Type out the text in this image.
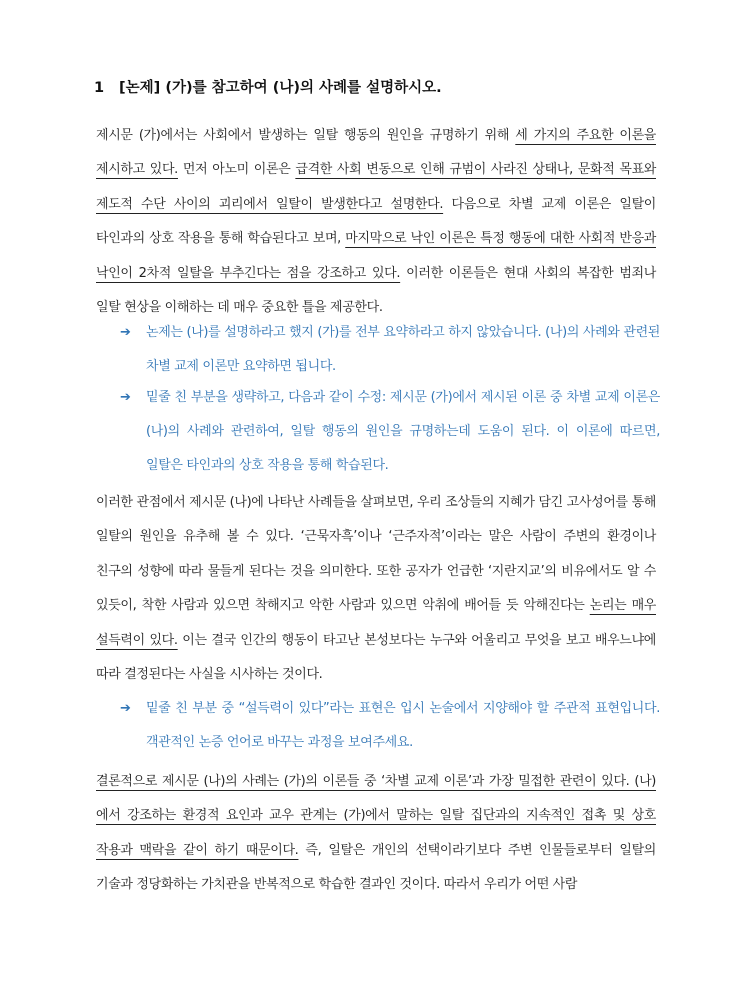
1 [논제] (가)를 참고하여 (나)의 사례를 설명하시오.
제시문 (가)에서는 사회에서 발생하는 일탈 행동의 원인을 규명하기 위해 세 가지의 주요한 이론을 제시하고 있다. 먼저 아노미 이론은 급격한 사회 변동으로 인해 규범이 사라진 상태나, 문화적 목표와 제도적 수단 사이의 괴리에서 일탈이 발생한다고 설명한다. 다음으로 차별 교제 이론은 일탈이 타인과의 상호 작용을 통해 학습된다고 보며, 마지막으로 낙인 이론은 특정 행동에 대한 사회적 반응과 낙인이 2차적 일탈을 부추긴다는 점을 강조하고 있다. 이러한 이론들은 현대 사회의 복잡한 범죄나 일탈 현상을 이해하는 데 매우 중요한 틀을 제공한다.
➔	논제는 (나)를 설명하라고 했지 (가)를 전부 요약하라고 하지 않았습니다. (나)의 사례와 관련된 차별 교제 이론만 요약하면 됩니다.
➔	밑줄 친 부분을 생략하고, 다음과 같이 수정: 제시문 (가)에서 제시된 이론 중 차별 교제 이론은 (나)의 사례와 관련하여, 일탈 행동의 원인을 규명하는데 도움이 된다. 이 이론에 따르면, 일탈은 타인과의 상호 작용을 통해 학습된다.
이러한 관점에서 제시문 (나)에 나타난 사례들을 살펴보면, 우리 조상들의 지혜가 담긴 고사성어를 통해 일탈의 원인을 유추해 볼 수 있다. ‘근묵자흑’이나 ‘근주자적’이라는 말은 사람이 주변의 환경이나 친구의 성향에 따라 물들게 된다는 것을 의미한다. 또한 공자가 언급한 ‘지란지교’의 비유에서도 알 수 있듯이, 착한 사람과 있으면 착해지고 악한 사람과 있으면 악취에 배어들 듯 악해진다는 논리는 매우 설득력이 있다. 이는 결국 인간의 행동이 타고난 본성보다는 누구와 어울리고 무엇을 보고 배우느냐에 따라 결정된다는 사실을 시사하는 것이다.
➔	밑줄 친 부분 중 “설득력이 있다”라는 표현은 입시 논술에서 지양해야 할 주관적 표현입니다. 객관적인 논증 언어로 바꾸는 과정을 보여주세요.
결론적으로 제시문 (나)의 사례는 (가)의 이론들 중 ‘차별 교제 이론’과 가장 밀접한 관련이 있다. (나)에서 강조하는 환경적 요인과 교우 관계는 (가)에서 말하는 일탈 집단과의 지속적인 접촉 및 상호 작용과 맥락을 같이 하기 때문이다. 즉, 일탈은 개인의 선택이라기보다 주변 인물들로부터 일탈의 기술과 정당화하는 가치관을 반복적으로 학습한 결과인 것이다. 따라서 우리가 어떤 사람
